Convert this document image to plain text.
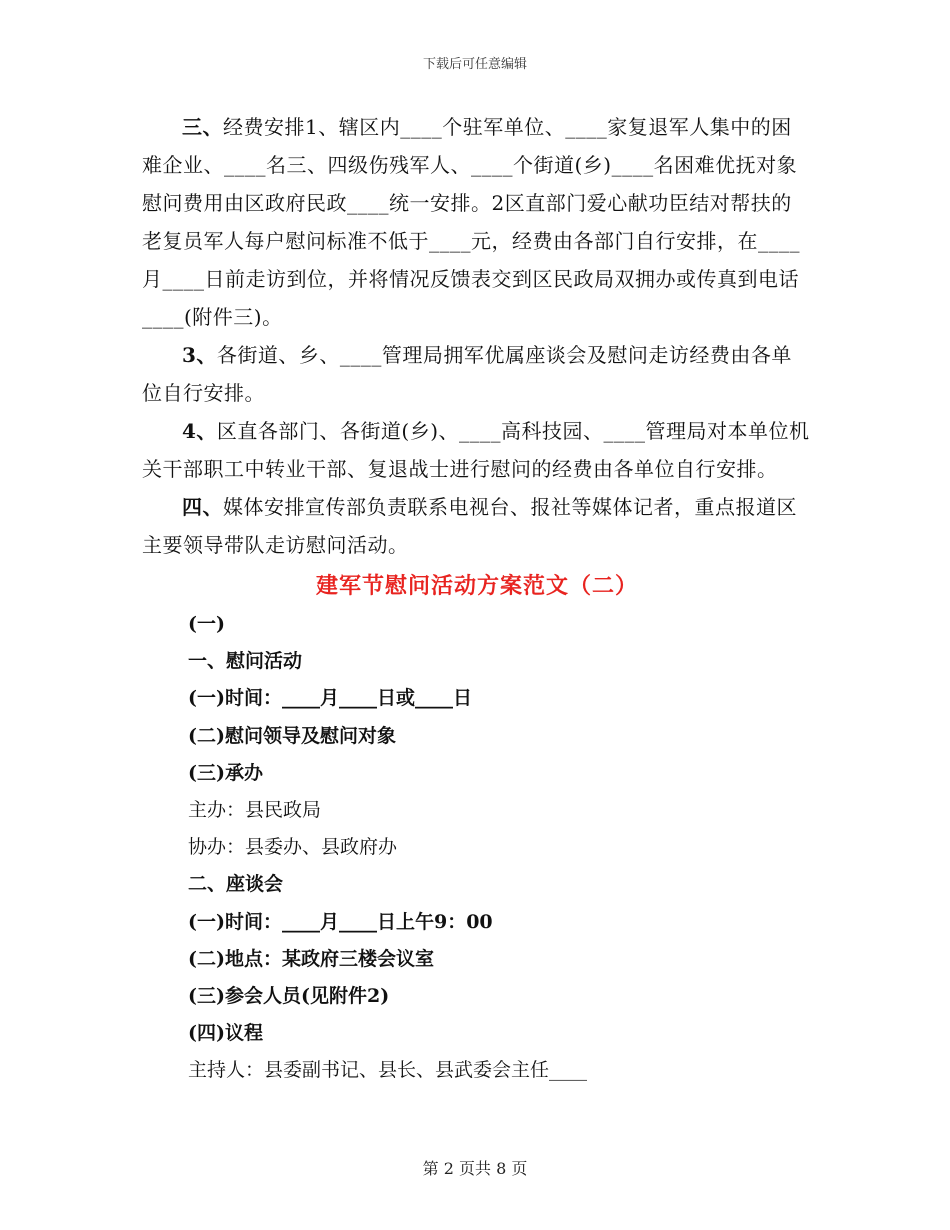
下载后可任意编辑

三、经费安排1、辖区内____个驻军单位、____家复退军人集中的困难企业、____名三、四级伤残军人、____个街道(乡)____名困难优抚对象慰问费用由区政府民政____统一安排。2区直部门爱心献功臣结对帮扶的老复员军人每户慰问标准不低于____元，经费由各部门自行安排，在____月____日前走访到位，并将情况反馈表交到区民政局双拥办或传真到电话____(附件三)。

3、各街道、乡、____管理局拥军优属座谈会及慰问走访经费由各单位自行安排。

4、区直各部门、各街道(乡)、____高科技园、____管理局对本单位机关干部职工中转业干部、复退战士进行慰问的经费由各单位自行安排。

四、媒体安排宣传部负责联系电视台、报社等媒体记者，重点报道区主要领导带队走访慰问活动。

建军节慰问活动方案范文（二）

(一)

一、慰问活动

(一)时间：____月____日或____日

(二)慰问领导及慰问对象

(三)承办

主办：县民政局

协办：县委办、县政府办

二、座谈会

(一)时间：____月____日上午9：00

(二)地点：某政府三楼会议室

(三)参会人员(见附件2)

(四)议程

主持人：县委副书记、县长、县武委会主任____

第 2 页共 8 页
